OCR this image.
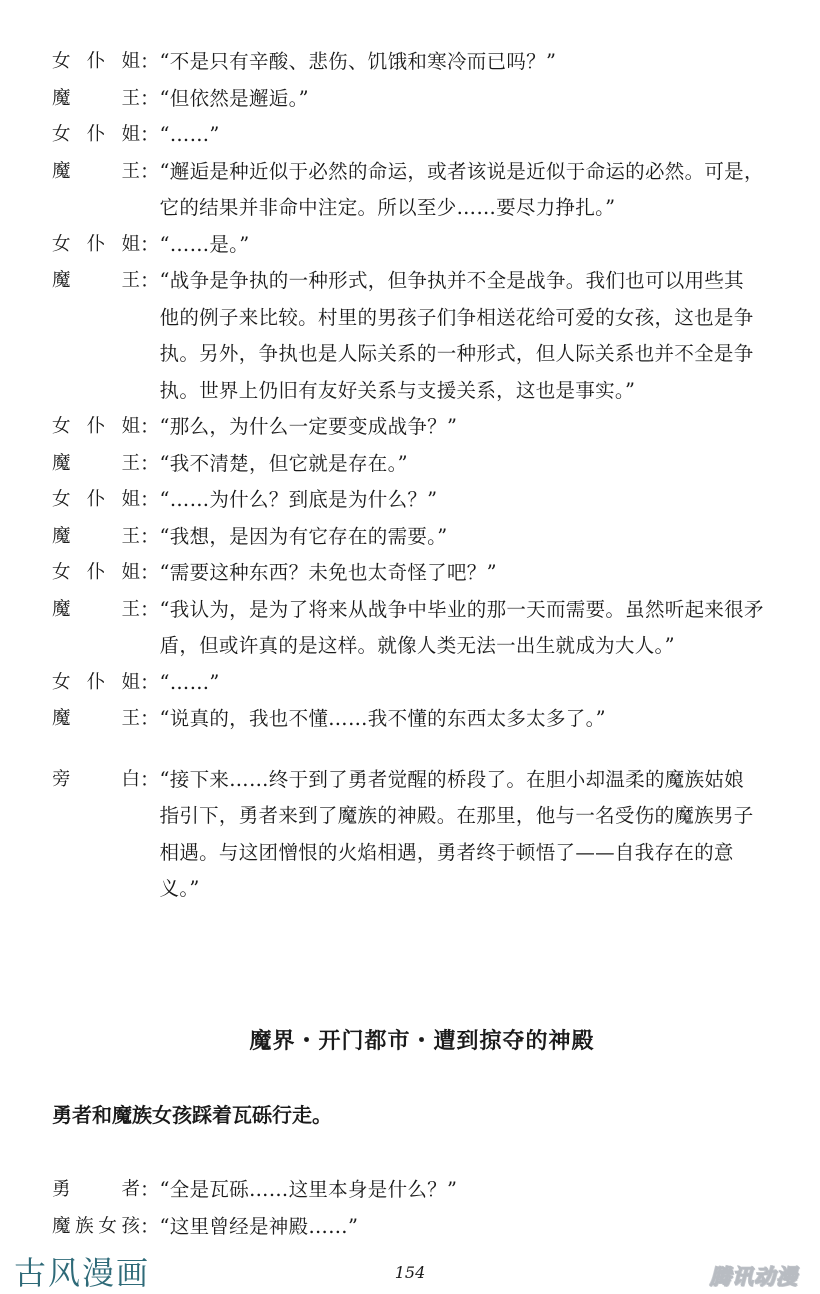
女仆姐 ： “不是只有辛酸、悲伤、饥饿和寒冷而已吗？”
魔王 ： “但依然是邂逅。”
女仆姐 ： “……”
魔王 ： “邂逅是种近似于必然的命运，或者该说是近似于命运的必然。可是，
它的结果并非命中注定。所以至少……要尽力挣扎。”
女仆姐 ： “……是。”
魔王 ： “战争是争执的一种形式，但争执并不全是战争。我们也可以用些其
他的例子来比较。村里的男孩子们争相送花给可爱的女孩，这也是争
执。另外，争执也是人际关系的一种形式，但人际关系也并不全是争
执。世界上仍旧有友好关系与支援关系，这也是事实。”
女仆姐 ： “那么，为什么一定要变成战争？”
魔王 ： “我不清楚，但它就是存在。”
女仆姐 ： “……为什么？到底是为什么？”
魔王 ： “我想，是因为有它存在的需要。”
女仆姐 ： “需要这种东西？未免也太奇怪了吧？”
魔王 ： “我认为，是为了将来从战争中毕业的那一天而需要。虽然听起来很矛
盾，但或许真的是这样。就像人类无法一出生就成为大人。”
女仆姐 ： “……”
魔王 ： “说真的，我也不懂……我不懂的东西太多太多了。”
旁白 ： “接下来……终于到了勇者觉醒的桥段了。在胆小却温柔的魔族姑娘
指引下，勇者来到了魔族的神殿。在那里，他与一名受伤的魔族男子
相遇。与这团憎恨的火焰相遇，勇者终于顿悟了——自我存在的意
义。”
魔界・开门都市・遭到掠夺的神殿
勇者和魔族女孩踩着瓦砾行走。
勇者 ： “全是瓦砾……这里本身是什么？”
魔族女孩 ： “这里曾经是神殿……”
古风漫画	154	腾讯动漫
